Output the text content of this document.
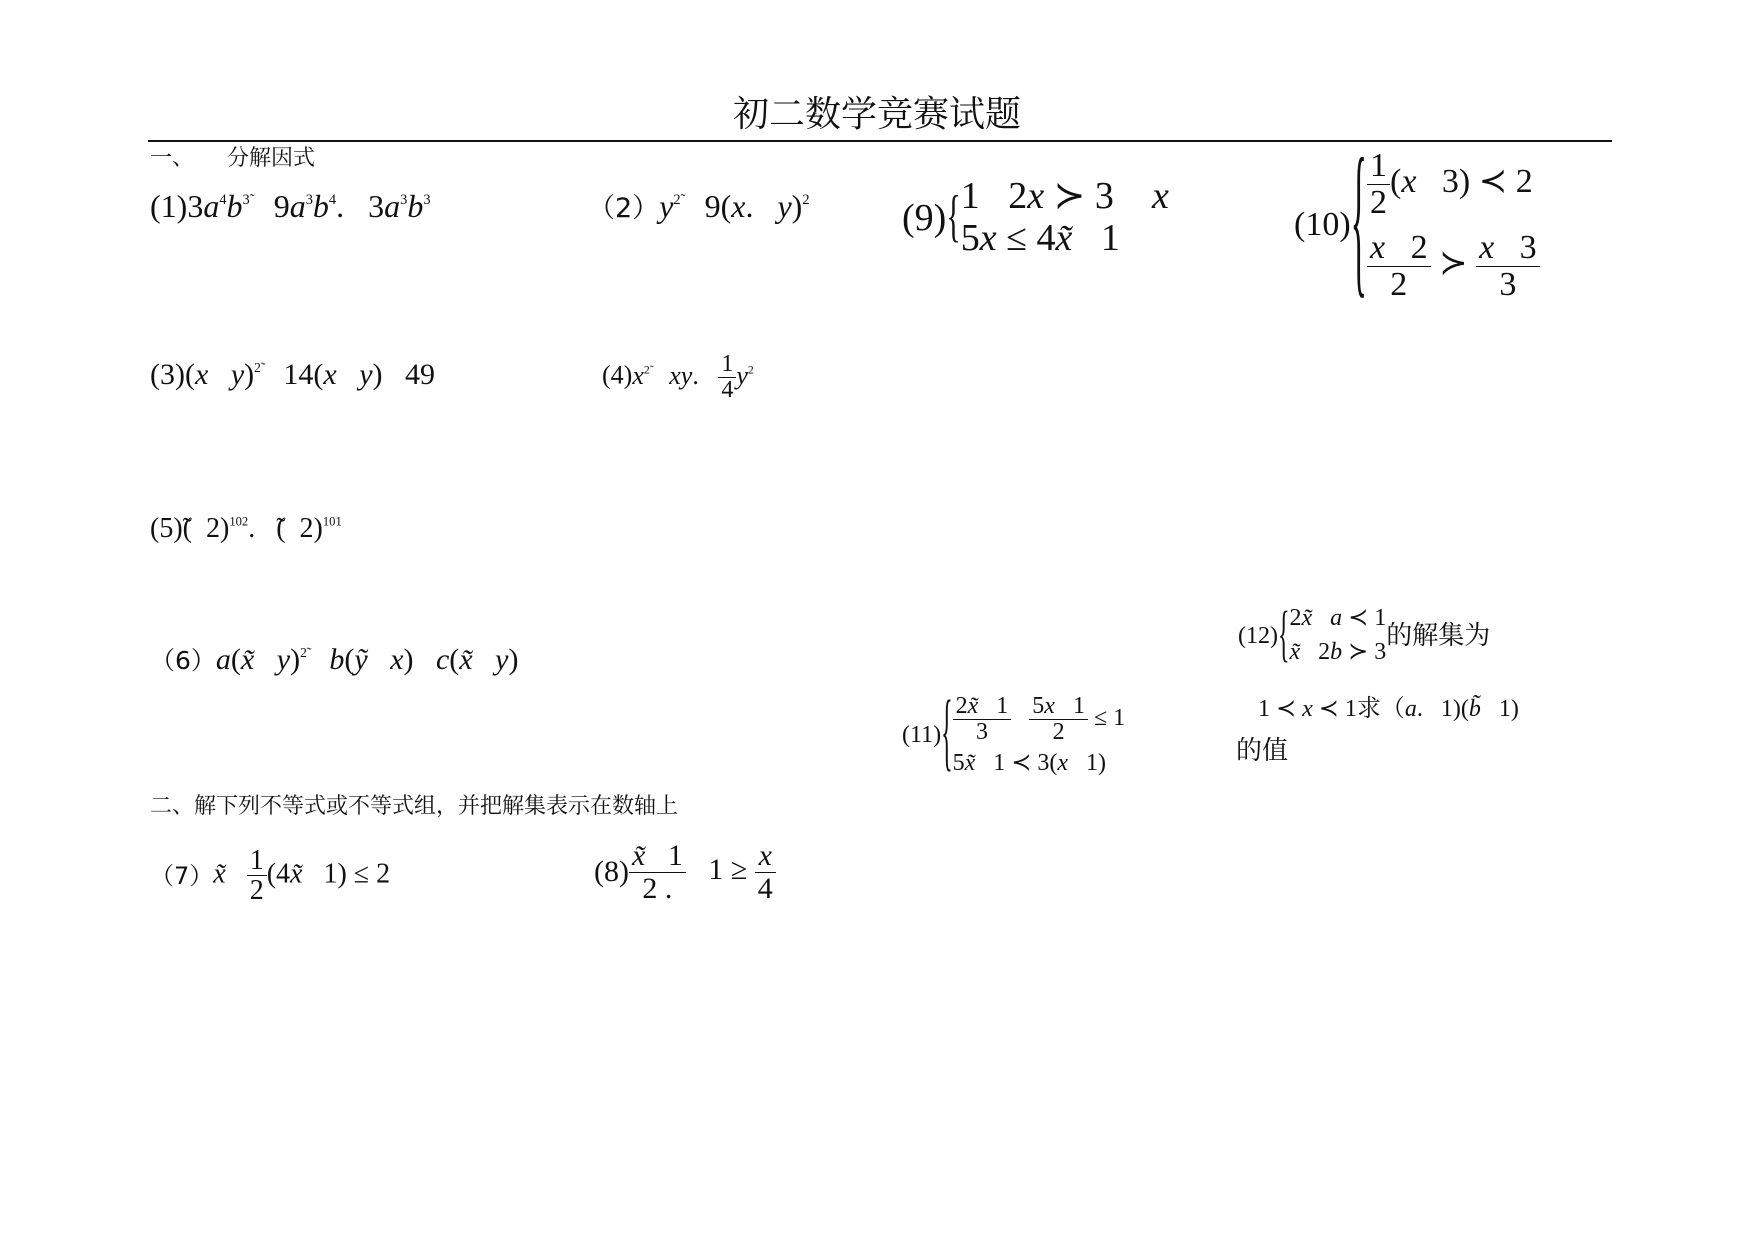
初二数学竞赛试题
一、　　分解因式
$(1)3a^4b^{3̃}$   $9a^3b^4$.   $3a^3b^3$	$(2)y^{2̃}$   9(x.   y)$^2$ (9) { 1   2x ≻ 3    x
5x ≤ 4x̃   1	(10) { $\frac{1}{2} (x$   3) ≺ 2
$\frac{x 2}{2}$ ≻ $\frac{x 3}{3}$
(3)(x y)$^{2̃}$   14(x y)   49	$(4)x^{2̃}$ xy. $\frac{1}{4} y^2$
(5)̃(  2)$^{102}$.   ̃(  2)$^{101}$
（6）a(x̃ y)$^{2̃}$ b(ỹ x)   c(x̃ y)
(12) { 2x̃ a ≺ 1
x̃   2b ≻ 3
的解集为
1 ≺ x ≺ 1求（a.   1)(b̃   1)
的值
(11) { $\frac{2x̃ 1}{3}$
$\frac{5x 1}{2} \le 1$
5x̃   1 ≺ 3(x   1)
二、解下列不等式或不等式组，并把解集表示在数轴上
（7） x̃ $\frac{1}{2}$ (4x̃   1) ≤ 2	$(8) \frac{x̃ 1}{2 .} 1 \ge \frac{x}{4}$
